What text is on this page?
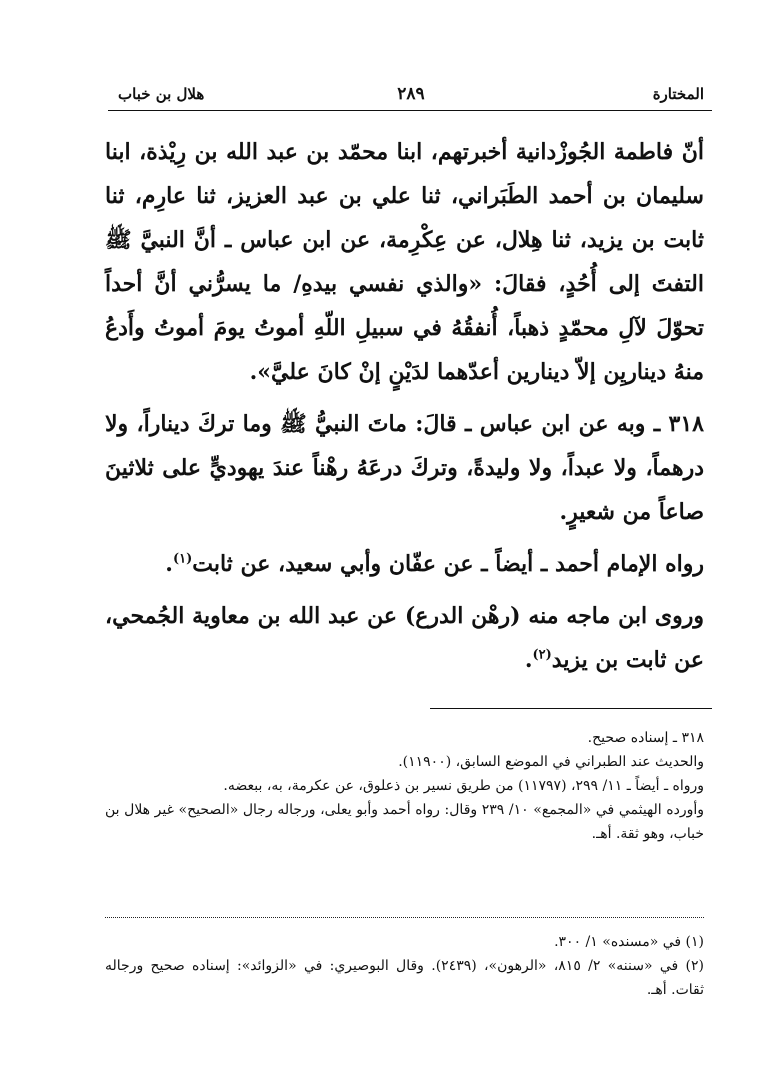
المختارة
٢٨٩
هلال بن خباب

أنّ فاطمة الجُوزْدانية أخبرتهم، ابنا محمّد بن عبد الله بن رِيْذة، ابنا سليمان بن أحمد الطَبَراني، ثنا علي بن عبد العزيز، ثنا عارِم، ثنا ثابت بن يزيد، ثنا هِلال، عن عِكْرِمة، عن ابن عباس ـ أنَّ النبيَّ ﷺ التفتَ إلى أُحُدٍ، فقالَ: «والذي نفسي بيدهِ/ ما يسرُّني أنَّ أحداً تحوّلَ لآلِ محمّدٍ ذهباً، أُنفقُهُ في سبيلِ اللّهِ أموتُ يومَ أموتُ وأَدعُ منهُ ديناريِن إلاّ دينارين أعدّهما لدَيْنٍ إنْ كانَ عليَّ».

٣١٨ ـ وبه عن ابن عباس ـ قالَ: ماتَ النبيُّ ﷺ وما تركَ ديناراً، ولا درهماً، ولا عبداً، ولا وليدةً، وتركَ درعَهُ رهْناً عندَ يهوديٍّ على ثلاثينَ صاعاً من شعيرٍ.

رواه الإمام أحمد ـ أيضاً ـ عن عفّان وأبي سعيد، عن ثابت$^{(١)}$.

وروى ابن ماجه منه (رهْن الدرع) عن عبد الله بن معاوية الجُمحي، عن ثابت بن يزيد$^{(٢)}$.

٣١٨ ـ إسناده صحيح.

والحديث عند الطبراني في الموضع السابق، (١١٩٠٠).

ورواه ـ أيضاً ـ ١١/ ٢٩٩، (١١٧٩٧) من طريق نسير بن ذعلوق، عن عكرمة، به، ببعضه.

وأورده الهيثمي في «المجمع» ١٠/ ٢٣٩ وقال: رواه أحمد وأبو يعلى، ورجاله رجال «الصحيح» غير هلال بن خباب، وهو ثقة. أهـ.

(١) في «مسنده» ١/ ٣٠٠.

(٢) في «سننه» ٢/ ٨١٥، «الرهون»، (٢٤٣٩). وقال البوصيري: في «الزوائد»: إسناده صحيح ورجاله ثقات. أهـ.
